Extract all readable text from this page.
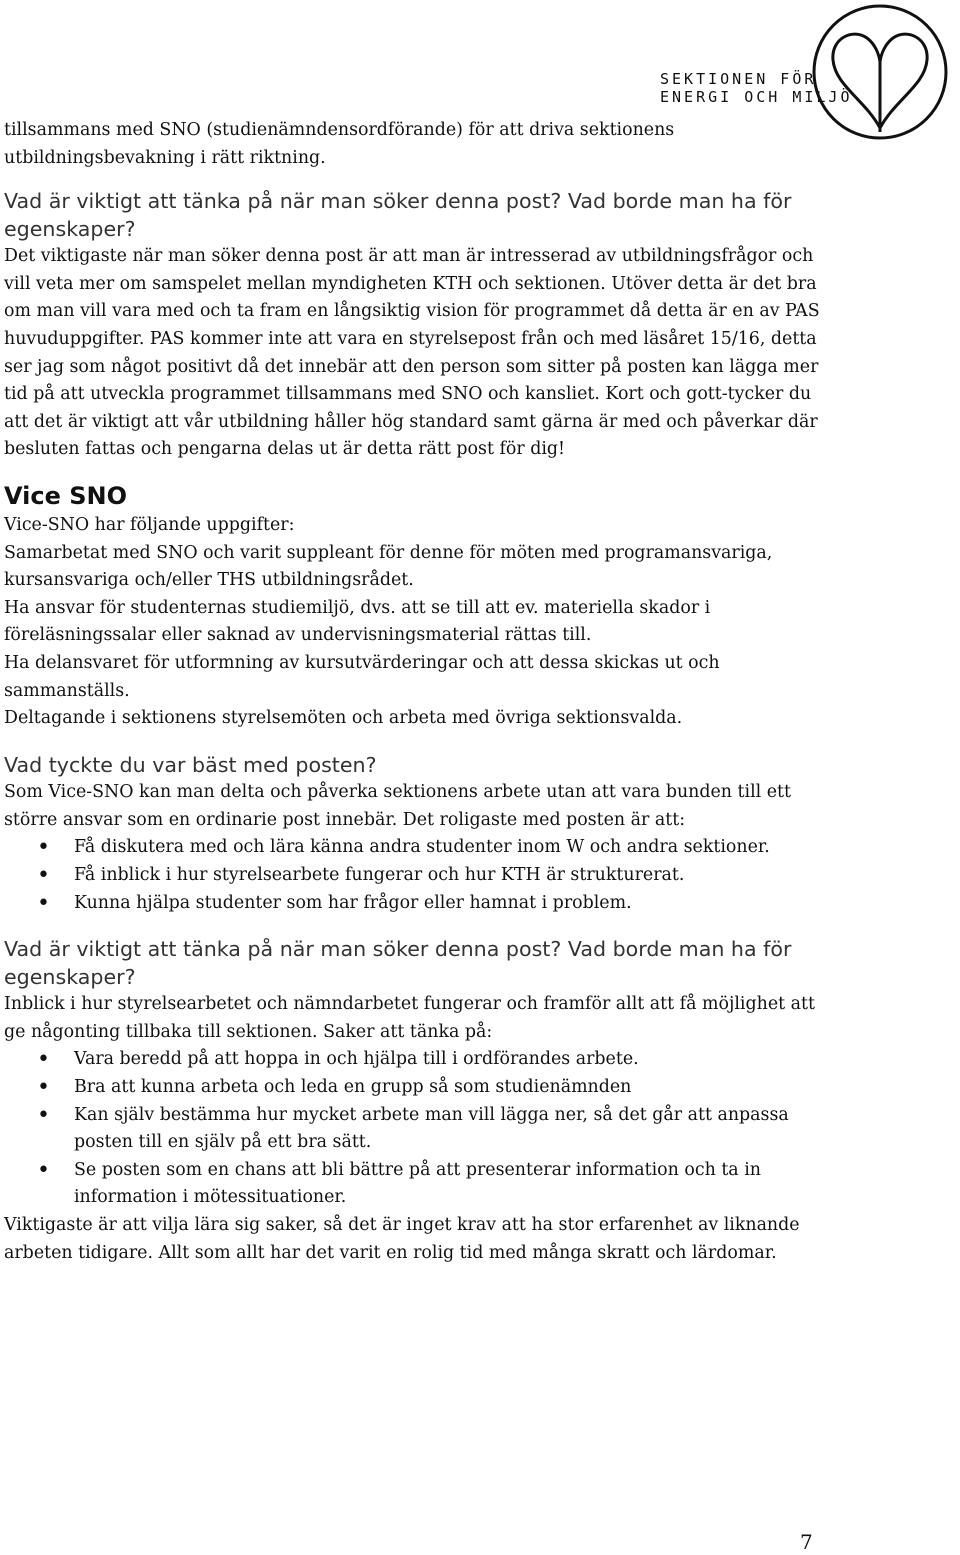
SEKTIONEN FÖR
ENERGI OCH MILJÖ

tillsammans med SNO (studienämndensordförande) för att driva sektionens utbildningsbevakning i rätt riktning.

Vad är viktigt att tänka på när man söker denna post? Vad borde man ha för egenskaper?

Det viktigaste när man söker denna post är att man är intresserad av utbildningsfrågor och vill veta mer om samspelet mellan myndigheten KTH och sektionen. Utöver detta är det bra om man vill vara med och ta fram en långsiktig vision för programmet då detta är en av PAS huvuduppgifter. PAS kommer inte att vara en styrelsepost från och med läsåret 15/16, detta ser jag som något positivt då det innebär att den person som sitter på posten kan lägga mer tid på att utveckla programmet tillsammans med SNO och kansliet. Kort och gott-tycker du att det är viktigt att vår utbildning håller hög standard samt gärna är med och påverkar där besluten fattas och pengarna delas ut är detta rätt post för dig!

Vice SNO

Vice-SNO har följande uppgifter:

Samarbetat med SNO och varit suppleant för denne för möten med programansvariga, kursansvariga och/eller THS utbildningsrådet.

Ha ansvar för studenternas studiemiljö, dvs. att se till att ev. materiella skador i föreläsningssalar eller saknad av undervisningsmaterial rättas till.

Ha delansvaret för utformning av kursutvärderingar och att dessa skickas ut och sammanställs.

Deltagande i sektionens styrelsemöten och arbeta med övriga sektionsvalda.

Vad tyckte du var bäst med posten?

Som Vice-SNO kan man delta och påverka sektionens arbete utan att vara bunden till ett större ansvar som en ordinarie post innebär. Det roligaste med posten är att:

• Få diskutera med och lära känna andra studenter inom W och andra sektioner.
• Få inblick i hur styrelsearbete fungerar och hur KTH är strukturerat.
• Kunna hjälpa studenter som har frågor eller hamnat i problem.

Vad är viktigt att tänka på när man söker denna post? Vad borde man ha för egenskaper?

Inblick i hur styrelsearbetet och nämndarbetet fungerar och framför allt att få möjlighet att ge någonting tillbaka till sektionen. Saker att tänka på:

• Vara beredd på att hoppa in och hjälpa till i ordförandes arbete.
• Bra att kunna arbeta och leda en grupp så som studienämnden
• Kan själv bestämma hur mycket arbete man vill lägga ner, så det går att anpassa posten till en själv på ett bra sätt.
• Se posten som en chans att bli bättre på att presenterar information och ta in information i mötessituationer.

Viktigaste är att vilja lära sig saker, så det är inget krav att ha stor erfarenhet av liknande arbeten tidigare. Allt som allt har det varit en rolig tid med många skratt och lärdomar.

7
